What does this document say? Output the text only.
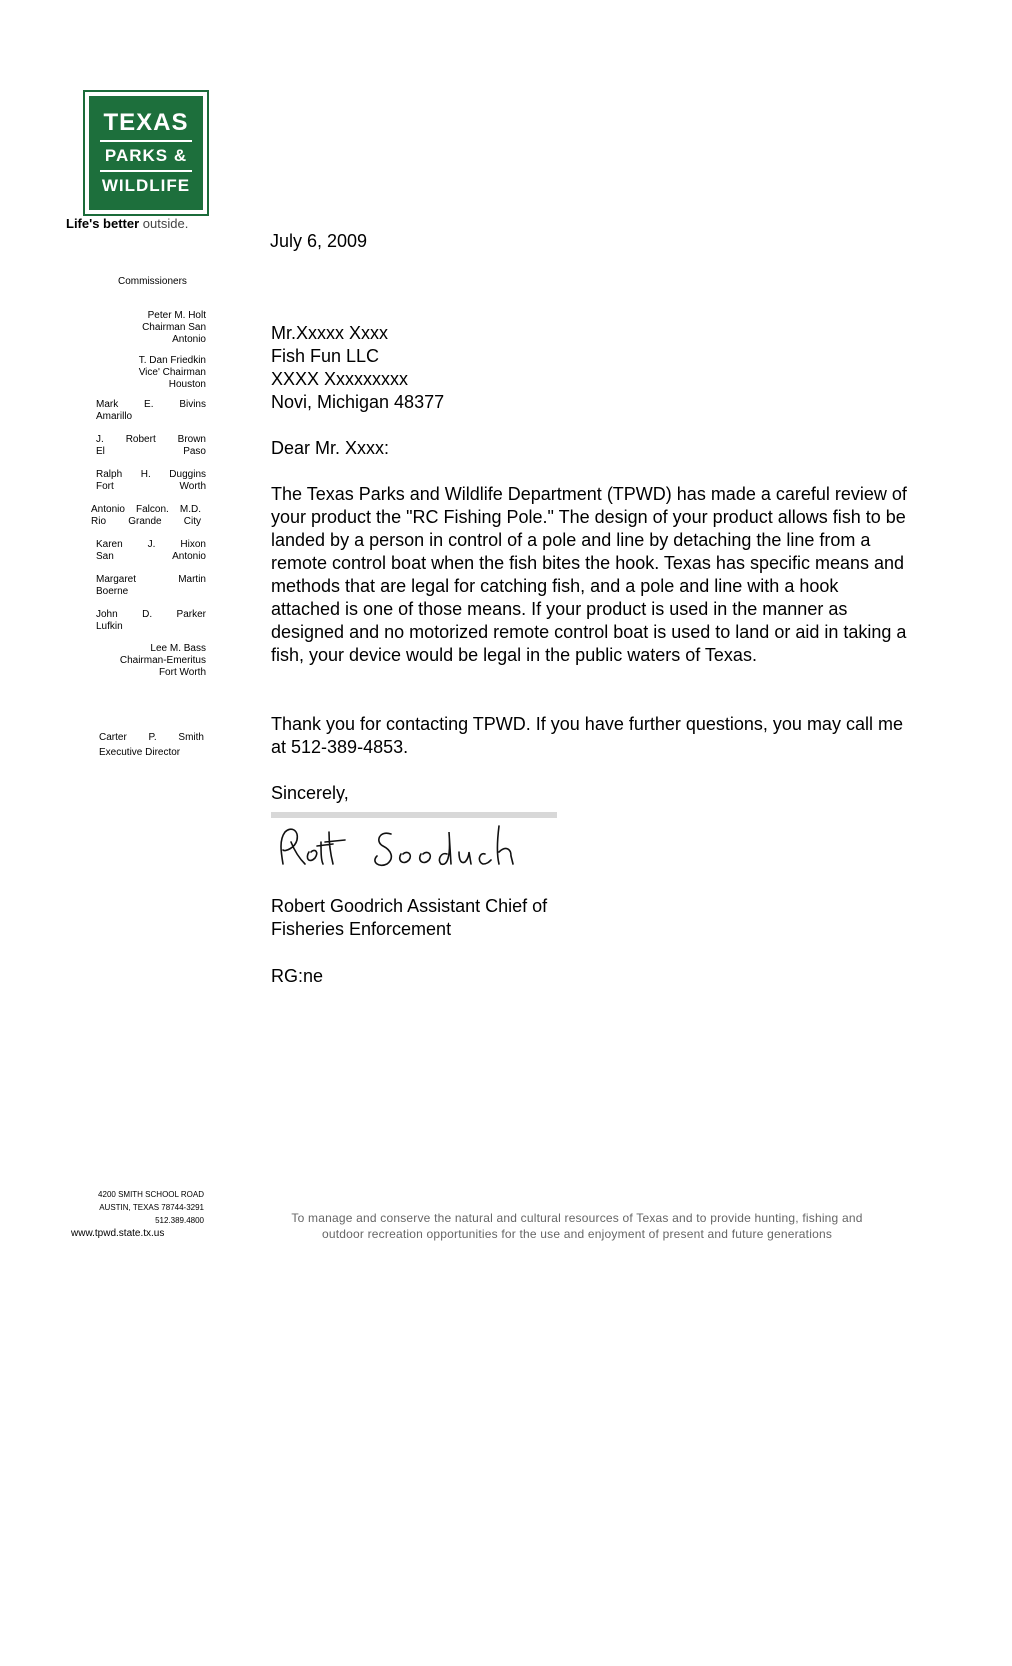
TEXAS
PARKS &
WILDLIFE
Life's better outside.
Commissioners
Peter M. Holt
Chairman San
Antonio
T. Dan Friedkin
Vice' Chairman
Houston
Mark E. Bivins
Amarillo
J. Robert Brown
El Paso
Ralph H. Duggins
Fort Worth
Antonio Falcon. M.D.
Rio Grande City
Karen J. Hixon
San Antonio
Margaret Martin
Boerne
John D. Parker
Lufkin
Lee M. Bass
Chairman-Emeritus
Fort Worth
Carter P. Smith
Executive Director
4200 SMITH SCHOOL ROAD
AUSTIN, TEXAS 78744-3291
512.389.4800
www.tpwd.state.tx.us
July 6, 2009
Mr.Xxxxx Xxxx
Fish Fun LLC
XXXX Xxxxxxxxx
Novi, Michigan 48377
Dear Mr. Xxxx:
The Texas Parks and Wildlife Department (TPWD) has made a careful review of your product the "RC Fishing Pole." The design of your product allows fish to be landed by a person in control of a pole and line by detaching the line from a remote control boat when the fish bites the hook. Texas has specific means and methods that are legal for catching fish, and a pole and line with a hook attached is one of those means. If your product is used in the manner as designed and no motorized remote control boat is used to land or aid in taking a fish, your device would be legal in the public waters of Texas.
Thank you for contacting TPWD. If you have further questions, you may call me at 512-389-4853.
Sincerely,
Robert Goodrich Assistant Chief of
Fisheries Enforcement
RG:ne
To manage and conserve the natural and cultural resources of Texas and to provide hunting, fishing and
outdoor recreation opportunities for the use and enjoyment of present and future generations
